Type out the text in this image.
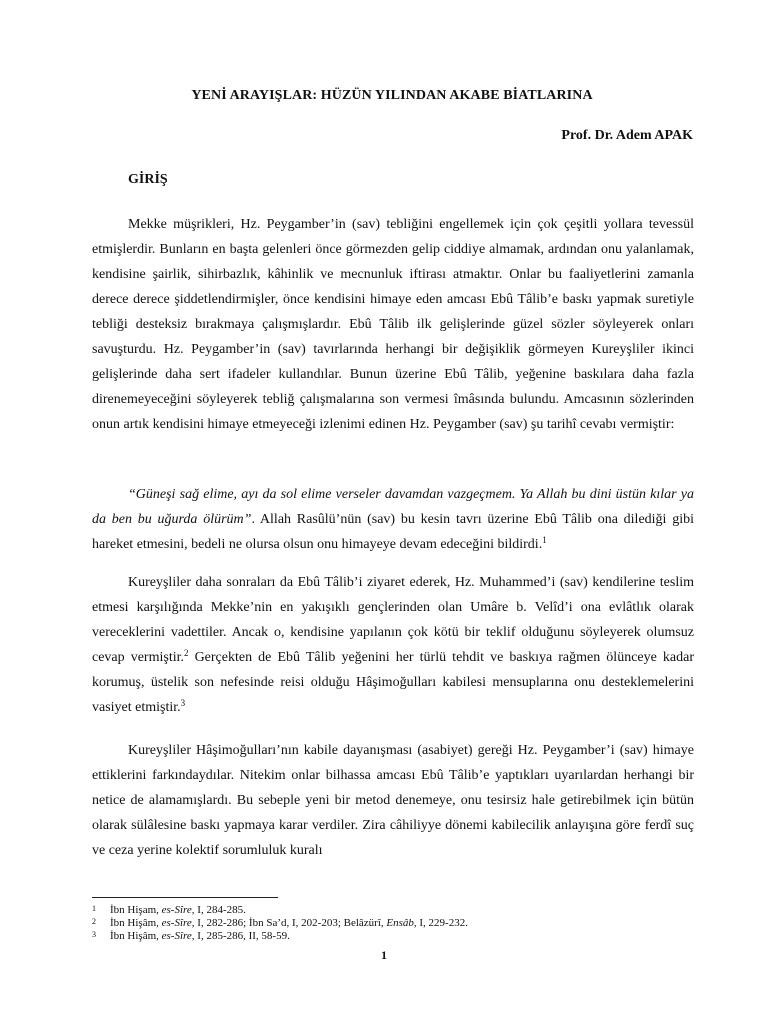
YENİ ARAYIŞLAR: HÜZÜN YILINDAN AKABE BİATLARINA
Prof. Dr. Adem APAK
GİRİŞ

Mekke müşrikleri, Hz. Peygamber’in (sav) tebliğini engellemek için çok çeşitli yollara tevessül etmişlerdir. Bunların en başta gelenleri önce görmezden gelip ciddiye almamak, ardından onu yalanlamak, kendisine şairlik, sihirbazlık, kâhinlik ve mecnunluk iftirası atmaktır. Onlar bu faaliyetlerini zamanla derece derece şiddetlendirmişler, önce kendisini himaye eden amcası Ebû Tâlib’e baskı yapmak suretiyle tebliği desteksiz bırakmaya çalışmışlardır. Ebû Tâlib ilk gelişlerinde güzel sözler söyleyerek onları savuşturdu. Hz. Peygamber’in (sav) tavırlarında herhangi bir değişiklik görmeyen Kureyşliler ikinci gelişlerinde daha sert ifadeler kullandılar. Bunun üzerine Ebû Tâlib, yeğenine baskılara daha fazla direnemeyeceğini söyleyerek tebliğ çalışmalarına son vermesi îmâsında bulundu. Amcasının sözlerinden onun artık kendisini himaye etmeyeceği izlenimi edinen Hz. Peygamber (sav) şu tarihî cevabı vermiştir:

“Güneşi sağ elime, ayı da sol elime verseler davamdan vazgeçmem. Ya Allah bu dini üstün kılar ya da ben bu uğurda ölürüm”. Allah Rasûlü’nün (sav) bu kesin tavrı üzerine Ebû Tâlib ona dilediği gibi hareket etmesini, bedeli ne olursa olsun onu himayeye devam edeceğini bildirdi.$^1$

Kureyşliler daha sonraları da Ebû Tâlib’i ziyaret ederek, Hz. Muhammed’i (sav) kendilerine teslim etmesi karşılığında Mekke’nin en yakışıklı gençlerinden olan Umâre b. Velîd’i ona evlâtlık olarak vereceklerini vadettiler. Ancak o, kendisine yapılanın çok kötü bir teklif olduğunu söyleyerek olumsuz cevap vermiştir.$^2$ Gerçekten de Ebû Tâlib yeğenini her türlü tehdit ve baskıya rağmen ölünceye kadar korumuş, üstelik son nefesinde reisi olduğu Hâşimoğulları kabilesi mensuplarına onu desteklemelerini vasiyet etmiştir.$^3$

Kureyşliler Hâşimoğulları’nın kabile dayanışması (asabiyet) gereği Hz. Peygamber’i (sav) himaye ettiklerini farkındaydılar. Nitekim onlar bilhassa amcası Ebû Tâlib’e yaptıkları uyarılardan herhangi bir netice de alamamışlardı. Bu sebeple yeni bir metod denemeye, onu tesirsiz hale getirebilmek için bütün olarak sülâlesine baskı yapmaya karar verdiler. Zira câhiliyye dönemi kabilecilik anlayışına göre ferdî suç ve ceza yerine kolektif sorumluluk kuralı

1	İbn Hişam, es-Sîre, I, 284-285.
2	İbn Hişâm, es-Sîre, I, 282-286; İbn Sa’d, I, 202-203; Belâzürî, Ensâb, I, 229-232.
3	İbn Hişâm, es-Sîre, I, 285-286, II, 58-59.
1
